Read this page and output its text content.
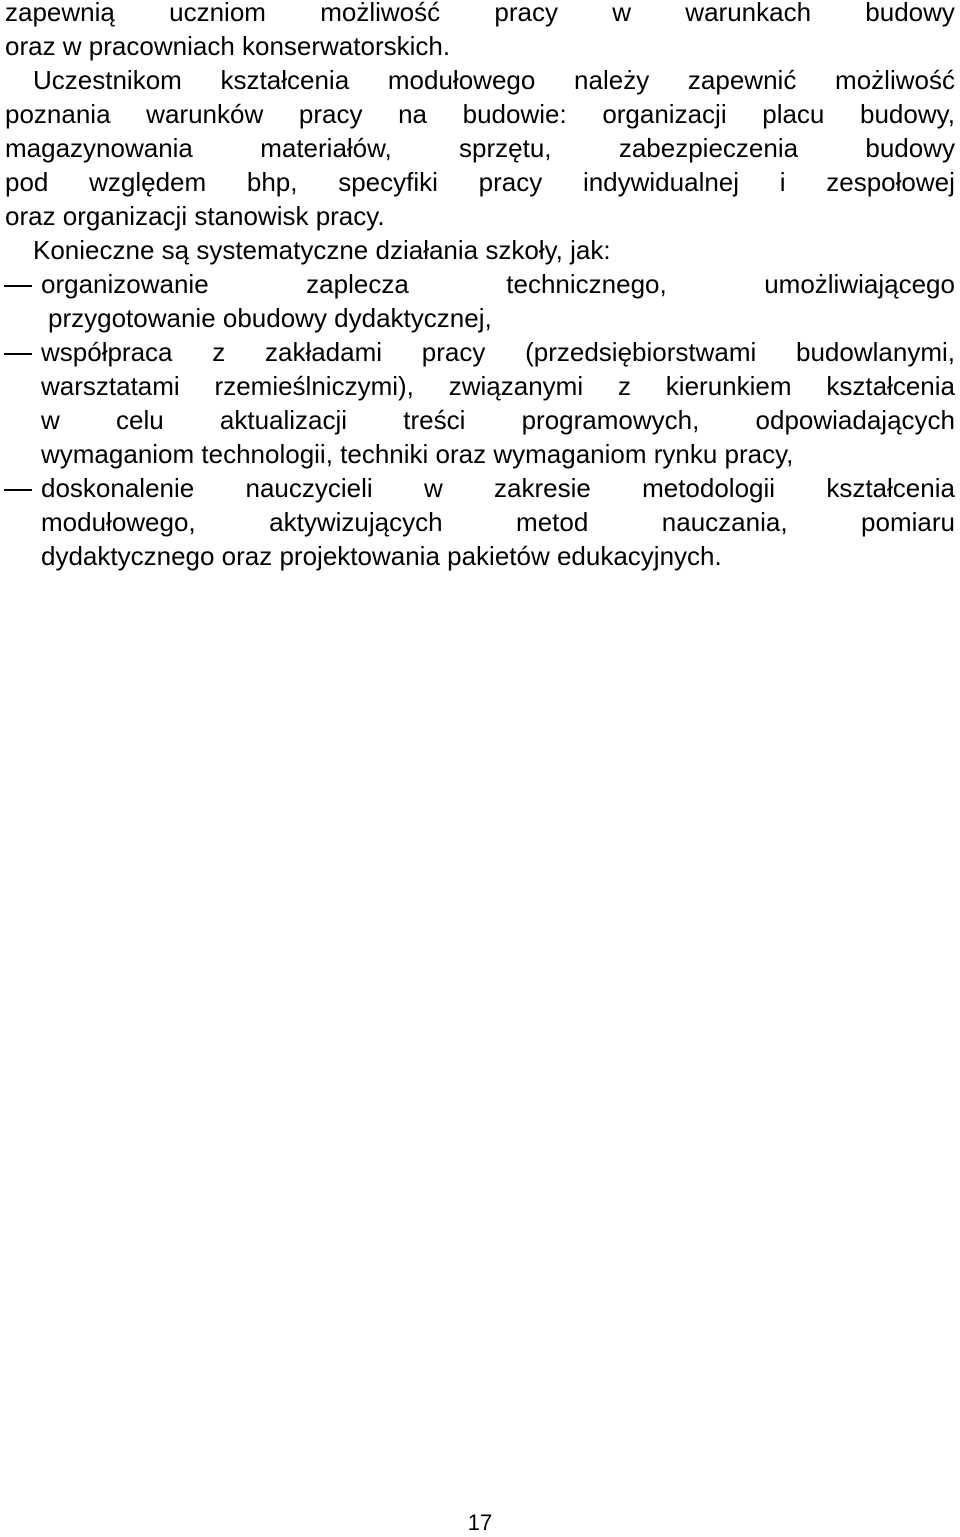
zapewnią uczniom możliwość pracy w warunkach budowy
oraz w pracowniach konserwatorskich.
Uczestnikom kształcenia modułowego należy zapewnić możliwość
poznania warunków pracy na budowie: organizacji placu budowy,
magazynowania	materiałów,	sprzętu,	zabezpieczenia	budowy
pod względem bhp, specyfiki pracy indywidualnej i zespołowej
oraz organizacji stanowisk pracy.
Konieczne są systematyczne działania szkoły, jak:
organizowanie	zaplecza	technicznego,	umożliwiającego
przygotowanie obudowy dydaktycznej,
współpraca z zakładami pracy (przedsiębiorstwami budowlanymi,
warsztatami rzemieślniczymi), związanymi z kierunkiem kształcenia
w celu aktualizacji treści programowych, odpowiadających
wymaganiom technologii, techniki oraz wymaganiom rynku pracy,
doskonalenie nauczycieli w zakresie metodologii kształcenia
modułowego,	aktywizujących	metod	nauczania,	pomiaru
dydaktycznego oraz projektowania pakietów edukacyjnych.
17
